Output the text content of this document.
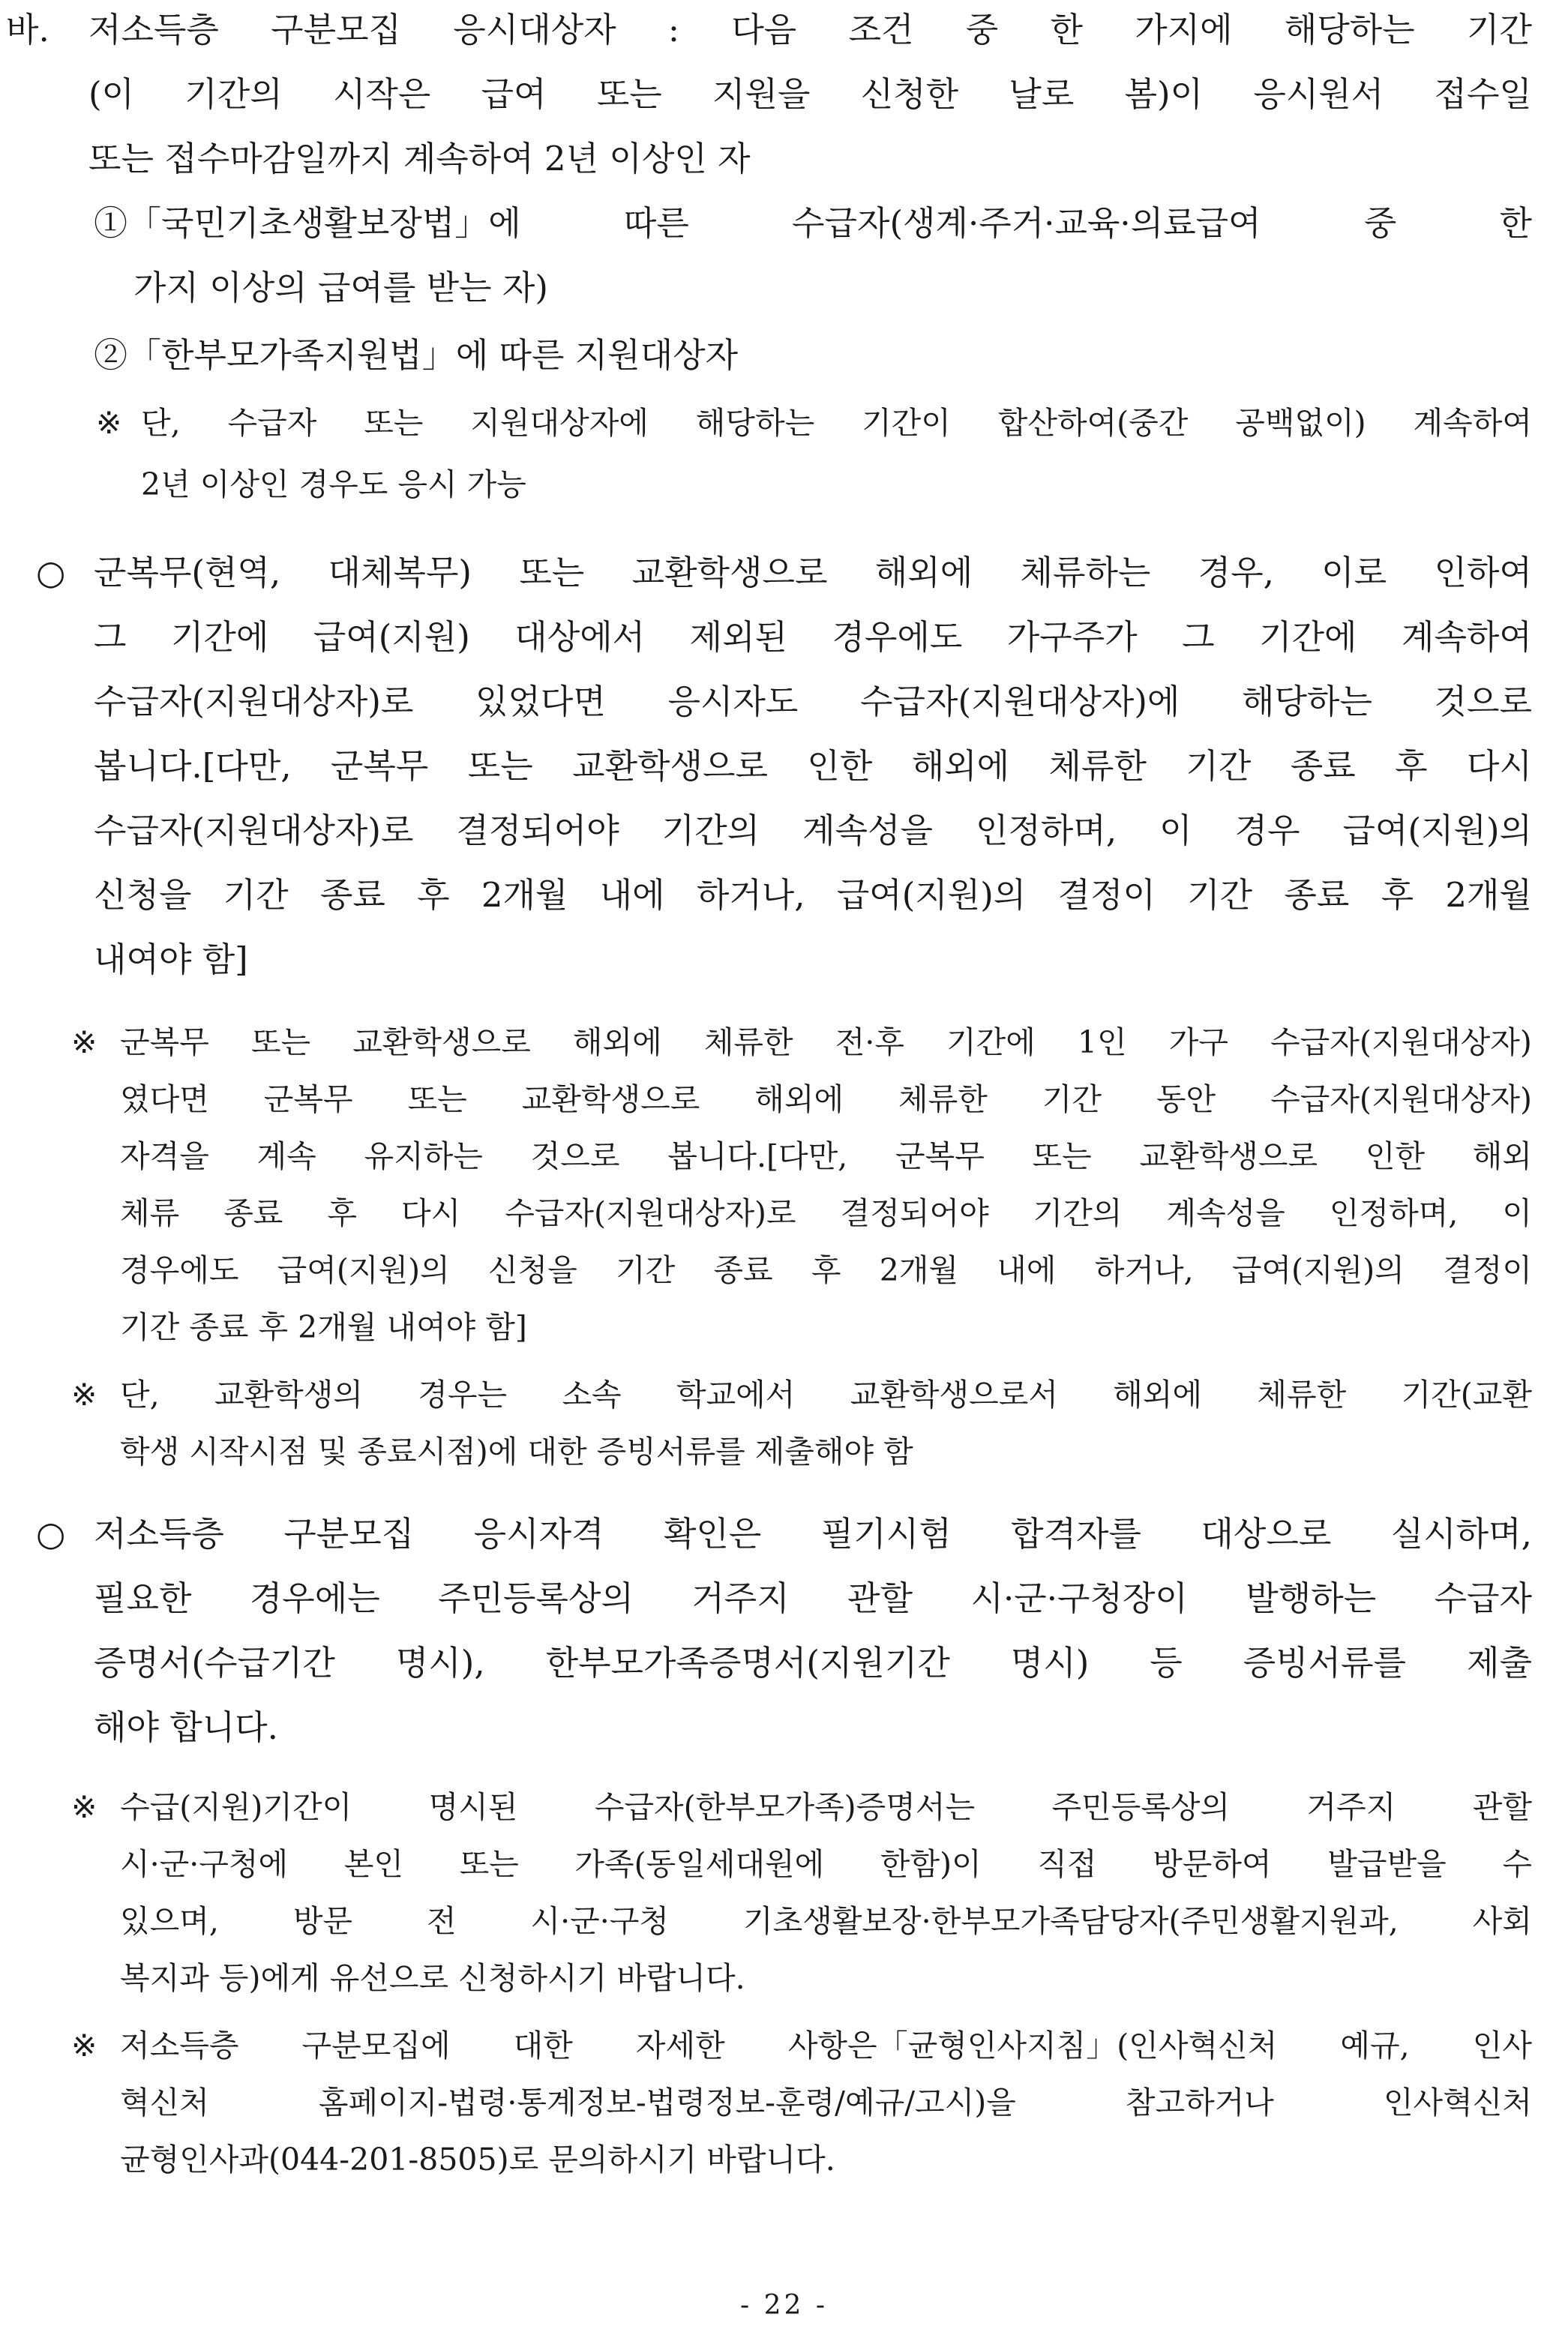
바. 저소득층 구분모집 응시대상자 : 다음 조건 중 한 가지에 해당하는 기간

(이 기간의 시작은 급여 또는 지원을 신청한 날로 봄)이 응시원서 접수일

또는 접수마감일까지 계속하여 2년 이상인 자

①「국민기초생활보장법」에	따른	수급자(생계·주거·교육·의료급여	중	한

가지 이상의 급여를 받는 자)

②「한부모가족지원법」에 따른 지원대상자

※ 단, 수급자 또는 지원대상자에 해당하는 기간이 합산하여(중간 공백없이) 계속하여

2년 이상인 경우도 응시 가능

○ 군복무(현역, 대체복무) 또는 교환학생으로 해외에 체류하는 경우, 이로 인하여

그 기간에 급여(지원) 대상에서 제외된 경우에도 가구주가 그 기간에 계속하여

수급자(지원대상자)로 있었다면 응시자도 수급자(지원대상자)에 해당하는 것으로

봅니다.[다만, 군복무 또는 교환학생으로 인한 해외에 체류한 기간 종료 후 다시

수급자(지원대상자)로 결정되어야 기간의 계속성을 인정하며, 이 경우 급여(지원)의

신청을 기간 종료 후 2개월 내에 하거나, 급여(지원)의 결정이 기간 종료 후 2개월

내여야 함]

※ 군복무 또는 교환학생으로 해외에 체류한 전·후 기간에 1인 가구 수급자(지원대상자)

였다면 군복무 또는 교환학생으로 해외에 체류한 기간 동안 수급자(지원대상자)

자격을 계속 유지하는 것으로 봅니다.[다만, 군복무 또는 교환학생으로 인한 해외

체류 종료 후 다시 수급자(지원대상자)로 결정되어야 기간의 계속성을 인정하며, 이

경우에도 급여(지원)의 신청을 기간 종료 후 2개월 내에 하거나, 급여(지원)의 결정이

기간 종료 후 2개월 내여야 함]

※ 단, 교환학생의 경우는 소속 학교에서 교환학생으로서 해외에 체류한 기간(교환

학생 시작시점 및 종료시점)에 대한 증빙서류를 제출해야 함

○ 저소득층 구분모집 응시자격 확인은 필기시험 합격자를 대상으로 실시하며,

필요한 경우에는 주민등록상의 거주지 관할 시·군·구청장이 발행하는 수급자

증명서(수급기간 명시), 한부모가족증명서(지원기간 명시) 등 증빙서류를 제출

해야 합니다.

※ 수급(지원)기간이 명시된 수급자(한부모가족)증명서는 주민등록상의 거주지 관할

시·군·구청에 본인 또는 가족(동일세대원에 한함)이 직접 방문하여 발급받을 수

있으며, 방문 전 시·군·구청 기초생활보장·한부모가족담당자(주민생활지원과, 사회

복지과 등)에게 유선으로 신청하시기 바랍니다.

※ 저소득층 구분모집에 대한 자세한 사항은「균형인사지침」(인사혁신처 예규, 인사

혁신처	홈페이지-법령·통계정보-법령정보-훈령/예규/고시)을	참고하거나	인사혁신처

균형인사과(044-201-8505)로 문의하시기 바랍니다.

- 22 -
